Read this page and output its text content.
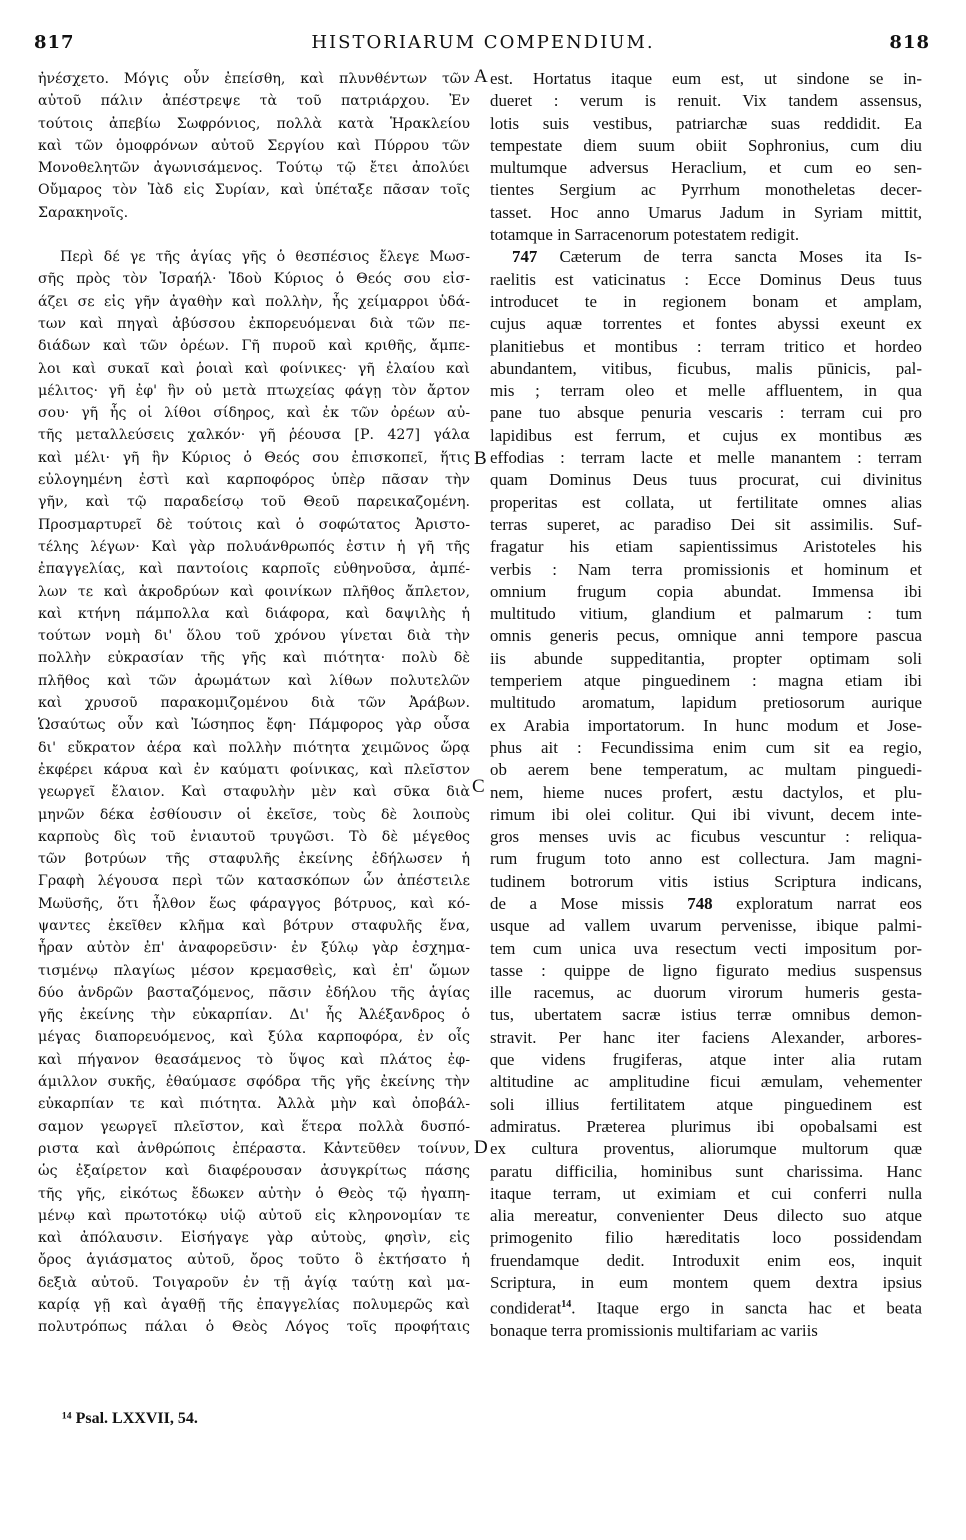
817	HISTORIARUM COMPENDIUM.	818
A
B
C
D
ἠνέσχετο. Μόγις οὖν ἐπείσθη, καὶ πλυνθέντων τῶν
αὐτοῦ πάλιν ἀπέστρεψε τὰ τοῦ πατριάρχου. Ἐν
τούτοις ἀπεβίω Σωφρόνιος, πολλὰ κατὰ Ἡρακλείου
καὶ τῶν ὁμοφρόνων αὐτοῦ Σεργίου καὶ Πύρρου τῶν
Μονοθελητῶν ἀγωνισάμενος. Τούτῳ τῷ ἔτει ἀπολύει
Οὔμαρος τὸν Ἰὰδ εἰς Συρίαν, καὶ ὑπέταξε πᾶσαν τοῖς
Σαρακηνοῖς.
Περὶ δέ γε τῆς ἁγίας γῆς ὁ θεσπέσιος ἔλεγε Μωσ-
σῆς πρὸς τὸν Ἰσραήλ· Ἰδοὺ Κύριος ὁ Θεός σου εἰσ-
άζει σε εἰς γῆν ἀγαθὴν καὶ πολλὴν, ἧς χείμαρροι ὑδά-
των καὶ πηγαὶ ἀβύσσου ἐκπορευόμεναι διὰ τῶν πε-
διάδων καὶ τῶν ὀρέων. Γῆ πυροῦ καὶ κριθῆς, ἄμπε-
λοι καὶ συκαῖ καὶ ῥοιαὶ καὶ φοίνικες· γῆ ἐλαίου καὶ
μέλιτος· γῆ ἐφ' ἣν οὐ μετὰ πτωχείας φάγῃ τὸν ἄρτον
σου· γῆ ἧς οἱ λίθοι σίδηρος, καὶ ἐκ τῶν ὀρέων αὐ-
τῆς μεταλλεύσεις χαλκόν· γῆ ῥέουσα [Ρ. 427] γάλα
καὶ μέλι· γῆ ἣν Κύριος ὁ Θεός σου ἐπισκοπεῖ, ἥτις
εὐλογημένη ἐστὶ καὶ καρποφόρος ὑπὲρ πᾶσαν τὴν
γῆν, καὶ τῷ παραδείσῳ τοῦ Θεοῦ παρεικαζομένη.
Προσμαρτυρεῖ δὲ τούτοις καὶ ὁ σοφώτατος Ἀριστο-
τέλης λέγων· Καὶ γὰρ πολυάνθρωπός ἐστιν ἡ γῆ τῆς
ἐπαγγελίας, καὶ παντοίοις καρποῖς εὐθηνοῦσα, ἀμπέ-
λων τε καὶ ἀκροδρύων καὶ φοινίκων πλῆθος ἄπλετον,
καὶ κτήνη πάμπολλα καὶ διάφορα, καὶ δαψιλὴς ἡ
τούτων νομὴ δι' ὅλου τοῦ χρόνου γίνεται διὰ τὴν
πολλὴν εὐκρασίαν τῆς γῆς καὶ πιότητα· πολὺ δὲ
πλῆθος καὶ τῶν ἀρωμάτων καὶ λίθων πολυτελῶν
καὶ χρυσοῦ παρακομιζομένου διὰ τῶν Ἀράβων.
Ὡσαύτως οὖν καὶ Ἰώσηπος ἔφη· Πάμφορος γὰρ οὖσα
δι' εὔκρατον ἀέρα καὶ πολλὴν πιότητα χειμῶνος ὥρᾳ
ἐκφέρει κάρυα καὶ ἐν καύματι φοίνικας, καὶ πλεῖστον
γεωργεῖ ἔλαιον. Καὶ σταφυλὴν μὲν καὶ σῦκα διὰ
μηνῶν δέκα ἐσθίουσιν οἱ ἐκεῖσε, τοὺς δὲ λοιποὺς
καρποὺς δὶς τοῦ ἐνιαυτοῦ τρυγῶσι. Τὸ δὲ μέγεθος
τῶν βοτρύων τῆς σταφυλῆς ἐκείνης ἐδήλωσεν ἡ
Γραφὴ λέγουσα περὶ τῶν κατασκόπων ὧν ἀπέστειλε
Μωϋσῆς, ὅτι ἦλθον ἕως φάραγγος βότρυος, καὶ κό-
ψαντες ἐκεῖθεν κλῆμα καὶ βότρυν σταφυλῆς ἕνα,
ἦραν αὐτὸν ἐπ' ἀναφορεῦσιν· ἐν ξύλῳ γὰρ ἐσχημα-
τισμένῳ πλαγίως μέσον κρεμασθεὶς, καὶ ἐπ' ὤμων
δύο ἀνδρῶν βασταζόμενος, πᾶσιν ἐδήλου τῆς ἁγίας
γῆς ἐκείνης τὴν εὐκαρπίαν. Δι' ἧς Ἀλέξανδρος ὁ
μέγας διαπορευόμενος, καὶ ξύλα καρποφόρα, ἐν οἷς
καὶ πήγανον θεασάμενος τὸ ὕψος καὶ πλάτος ἐφ-
άμιλλον συκῆς, ἐθαύμασε σφόδρα τῆς γῆς ἐκείνης τὴν
εὐκαρπίαν τε καὶ πιότητα. Ἀλλὰ μὴν καὶ ὀποβάλ-
σαμον γεωργεῖ πλεῖστον, καὶ ἕτερα πολλὰ δυσπό-
ριστα καὶ ἀνθρώποις ἐπέραστα. Κἀντεῦθεν τοίνυν,
ὡς ἐξαίρετον καὶ διαφέρουσαν ἀσυγκρίτως πάσης
τῆς γῆς, εἰκότως ἔδωκεν αὐτὴν ὁ Θεὸς τῷ ἠγαπη-
μένῳ καὶ πρωτοτόκῳ υἱῷ αὐτοῦ εἰς κληρονομίαν τε
καὶ ἀπόλαυσιν. Εἰσήγαγε γὰρ αὐτοὺς, φησὶν, εἰς
ὄρος ἁγιάσματος αὐτοῦ, ὄρος τοῦτο ὃ ἐκτήσατο ἡ
δεξιὰ αὐτοῦ. Τοιγαροῦν ἐν τῇ ἁγίᾳ ταύτῃ καὶ μα-
καρίᾳ γῇ καὶ ἀγαθῇ τῆς ἐπαγγελίας πολυμερῶς καὶ
πολυτρόπως πάλαι ὁ Θεὸς Λόγος τοῖς προφήταις
est. Hortatus itaque eum est, ut sindone se in-
dueret : verum is renuit. Vix tandem assensus,
lotis suis vestibus, patriarchæ suas reddidit. Ea
tempestate diem suum obiit Sophronius, cum diu
multumque adversus Heraclium, et cum eo sen-
tientes Sergium ac Pyrrhum monotheletas decer-
tasset. Hoc anno Umarus Jadum in Syriam mittit,
totamque in Sarracenorum potestatem redigit.
747 Cæterum de terra sancta Moses ita Is-
raelitis est vaticinatus : Ecce Dominus Deus tuus
introducet te in regionem bonam et amplam,
cujus aquæ torrentes et fontes abyssi exeunt ex
planitiebus et montibus : terram tritico et hordeo
abundantem, vitibus, ficubus, malis pūnicis, pal-
mis ; terram oleo et melle affluentem, in qua
pane tuo absque penuria vescaris : terram cui pro
lapidibus est ferrum, et cujus ex montibus æs
effodias : terram lacte et melle manantem : terram
quam Dominus Deus tuus procurat, cui divinitus
properitas est collata, ut fertilitate omnes alias
terras superet, ac paradiso Dei sit assimilis. Suf-
fragatur his etiam sapientissimus Aristoteles his
verbis : Nam terra promissionis et hominum et
omnium frugum copia abundat. Immensa ibi
multitudo vitium, glandium et palmarum : tum
omnis generis pecus, omnique anni tempore pascua
iis abunde suppeditantia, propter optimam soli
temperiem atque pinguedinem : magna etiam ibi
multitudo aromatum, lapidum pretiosorum aurique
ex Arabia importatorum. In hunc modum et Jose-
phus ait : Fecundissima enim cum sit ea regio,
ob aerem bene temperatum, ac multam pinguedi-
nem, hieme nuces profert, æstu dactylos, et plu-
rimum ibi olei colitur. Qui ibi vivunt, decem inte-
gros menses uvis ac ficubus vescuntur : reliqua-
rum frugum toto anno est collectura. Jam magni-
tudinem botrorum vitis istius Scriptura indicans,
de a Mose missis 748 exploratum narrat eos
usque ad vallem uvarum pervenisse, ibique palmi-
tem cum unica uva resectum vecti impositum por-
tasse : quippe de ligno figurato medius suspensus
ille racemus, ac duorum virorum humeris gesta-
tus, ubertatem sacræ istius terræ omnibus demon-
stravit. Per hanc iter faciens Alexander, arbores-
que videns frugiferas, atque inter alia rutam
altitudine ac amplitudine ficui æmulam, vehementer
soli illius fertilitatem atque pinguedinem est
admiratus. Præterea plurimus ibi opobalsami est
ex cultura proventus, aliorumque multorum quæ
paratu difficilia, hominibus sunt charissima. Hanc
itaque terram, ut eximiam et cui conferri nulla
alia mereatur, convenienter Deus dilecto suo atque
primogenito filio hæreditatis loco possidendam
fruendamque dedit. Introduxit enim eos, inquit
Scriptura, in eum montem quem dextra ipsius
condiderat$^{14}$. Itaque ergo in sancta hac et beata
bonaque terra promissionis multifariam ac variis
¹⁴ Psal. LXXVII, 54.
